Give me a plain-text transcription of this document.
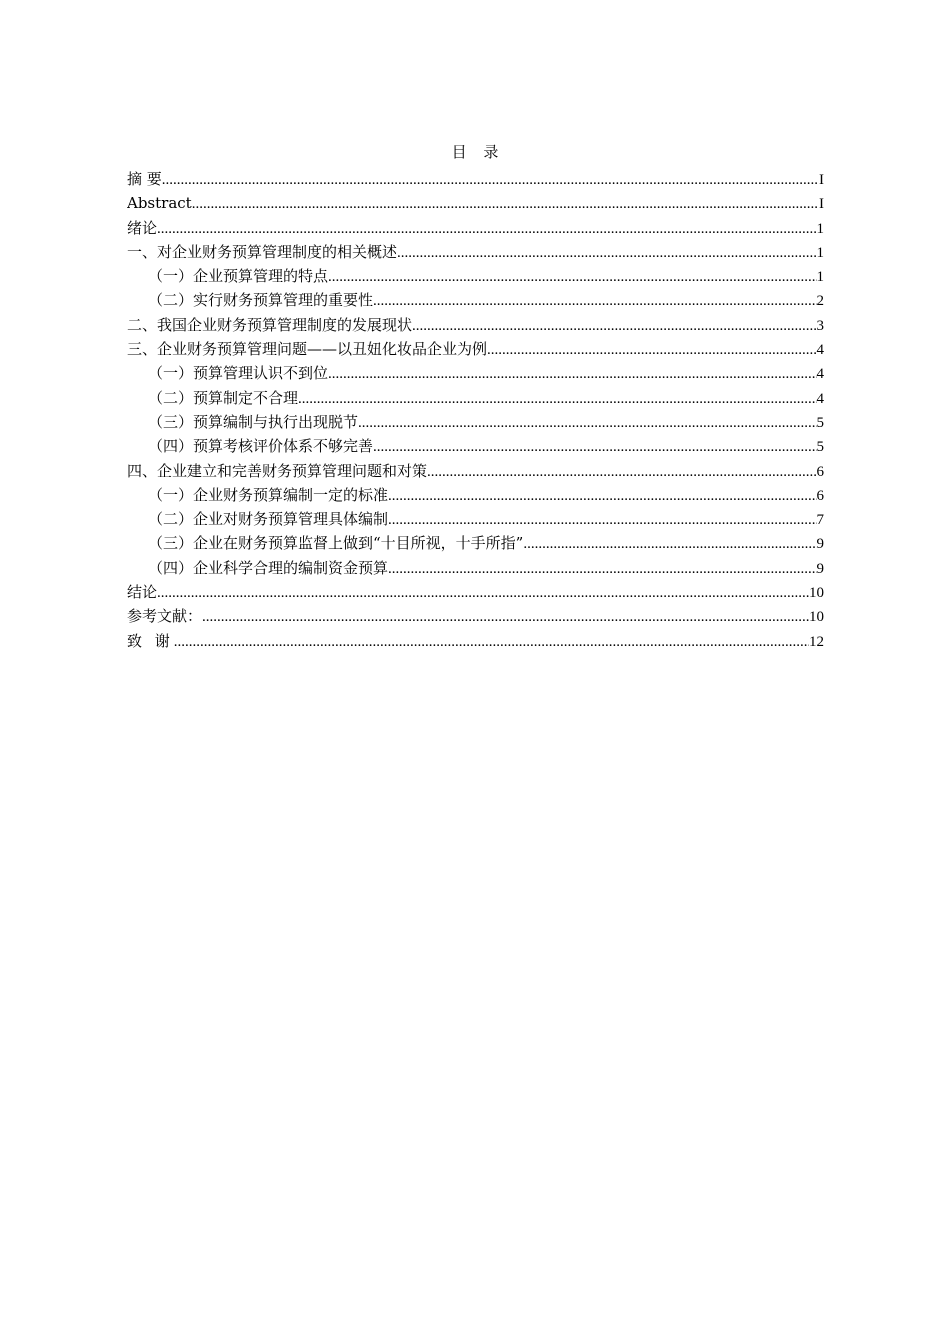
目 录
摘 要 .....	I
Abstract .....	I
绪论 .....	1
一、对企业财务预算管理制度的相关概述 .....	1
（一）企业预算管理的特点 .....	1
（二）实行财务预算管理的重要性 .....	2
二、我国企业财务预算管理制度的发展现状 .....	3
三、企业财务预算管理问题——以丑妞化妆品企业为例 .....	4
（一）预算管理认识不到位 .....	4
（二）预算制定不合理 .....	4
（三）预算编制与执行出现脱节 .....	5
（四）预算考核评价体系不够完善 .....	5
四、企业建立和完善财务预算管理问题和对策 .....	6
（一）企业财务预算编制一定的标准 .....	6
（二）企业对财务预算管理具体编制 .....	7
（三）企业在财务预算监督上做到“十目所视，十手所指” .....	9
（四）企业科学合理的编制资金预算 .....	9
结论 .....	10
参考文献： .....	10
致 谢 .....	12
